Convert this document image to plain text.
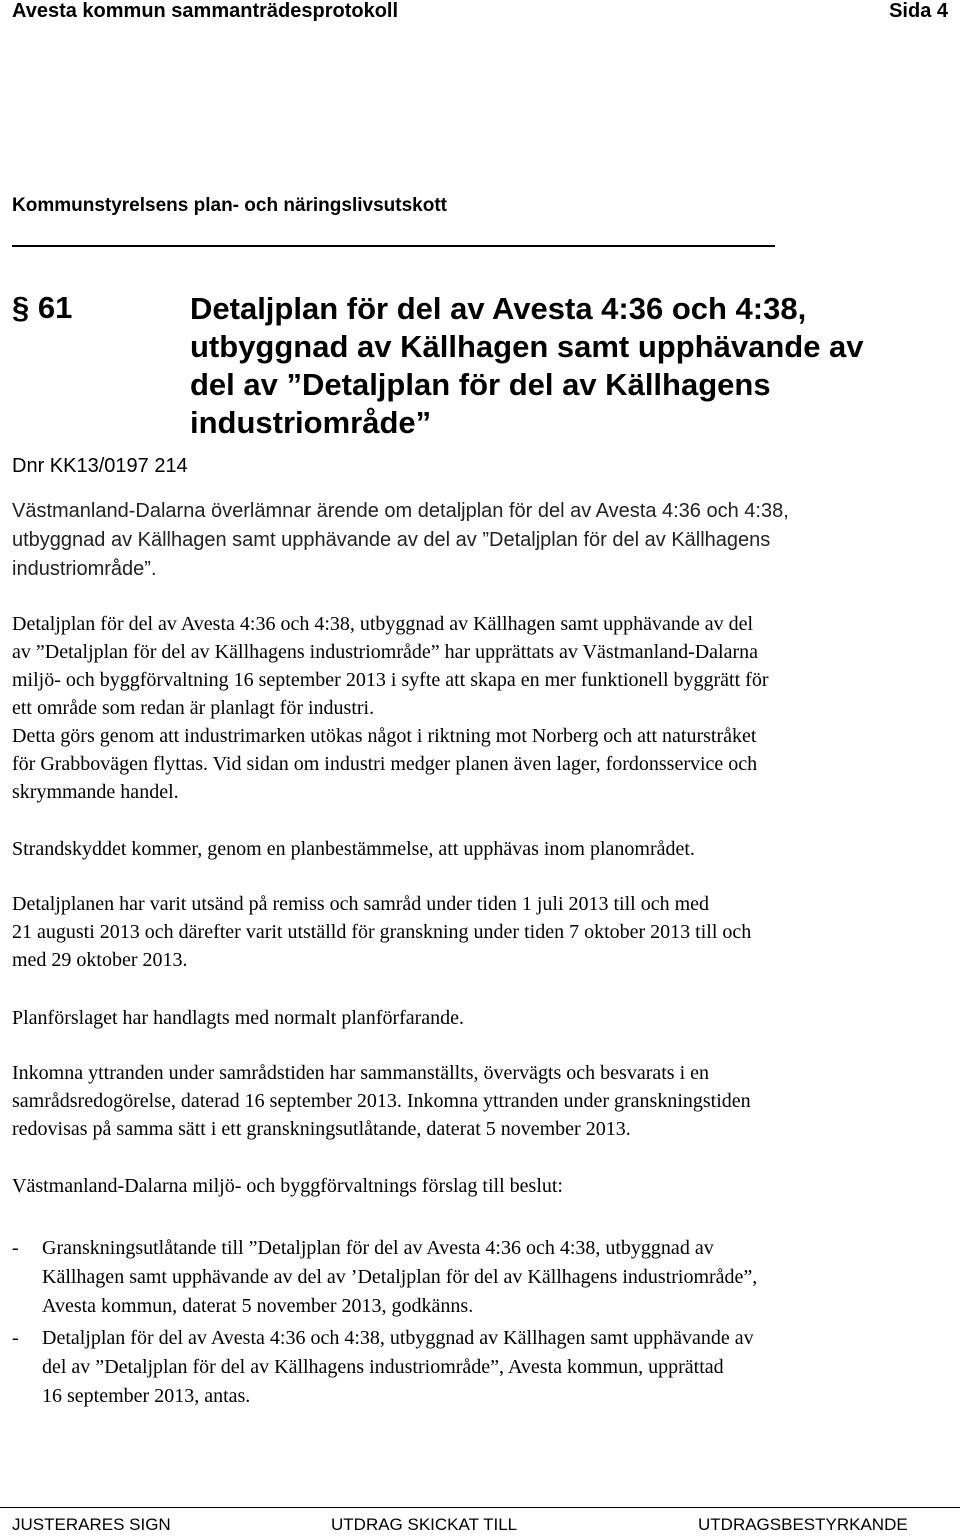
Avesta kommun sammanträdesprotokoll	Sida 4
Kommunstyrelsens plan- och näringslivsutskott
§ 61	Detaljplan för del av Avesta 4:36 och 4:38,
utbyggnad av Källhagen samt upphävande av
del av ”Detaljplan för del av Källhagens
industriområde”
Dnr KK13/0197 214
Västmanland-Dalarna överlämnar ärende om detaljplan för del av Avesta 4:36 och 4:38,
utbyggnad av Källhagen samt upphävande av del av ”Detaljplan för del av Källhagens
industriområde”.
Detaljplan för del av Avesta 4:36 och 4:38, utbyggnad av Källhagen samt upphävande av del
av ”Detaljplan för del av Källhagens industriområde” har upprättats av Västmanland-Dalarna
miljö- och byggförvaltning 16 september 2013 i syfte att skapa en mer funktionell byggrätt för
ett område som redan är planlagt för industri.
Detta görs genom att industrimarken utökas något i riktning mot Norberg och att naturstråket
för Grabbovägen flyttas. Vid sidan om industri medger planen även lager, fordonsservice och
skrymmande handel.
Strandskyddet kommer, genom en planbestämmelse, att upphävas inom planområdet.
Detaljplanen har varit utsänd på remiss och samråd under tiden 1 juli 2013 till och med
21 augusti 2013 och därefter varit utställd för granskning under tiden 7 oktober 2013 till och
med 29 oktober 2013.
Planförslaget har handlagts med normalt planförfarande.
Inkomna yttranden under samrådstiden har sammanställts, övervägts och besvarats i en
samrådsredogörelse, daterad 16 september 2013. Inkomna yttranden under granskningstiden
redovisas på samma sätt i ett granskningsutlåtande, daterat 5 november 2013.
Västmanland-Dalarna miljö- och byggförvaltnings förslag till beslut:
- Granskningsutlåtande till ”Detaljplan för del av Avesta 4:36 och 4:38, utbyggnad av
Källhagen samt upphävande av del av ’Detaljplan för del av Källhagens industriområde”,
Avesta kommun, daterat 5 november 2013, godkänns.
- Detaljplan för del av Avesta 4:36 och 4:38, utbyggnad av Källhagen samt upphävande av
del av ”Detaljplan för del av Källhagens industriområde”, Avesta kommun, upprättad
16 september 2013, antas.
JUSTERARES SIGN	UTDRAG SKICKAT TILL	UTDRAGSBESTYRKANDE
